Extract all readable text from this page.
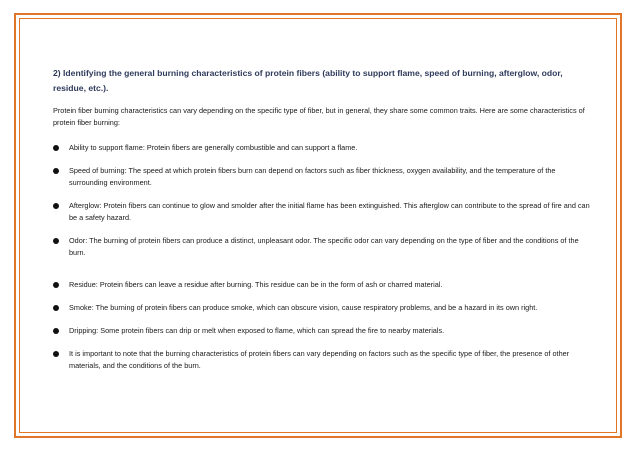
2) Identifying the general burning characteristics of protein fibers (ability to support flame, speed of burning, afterglow, odor, residue, etc.).

Protein fiber burning characteristics can vary depending on the specific type of fiber, but in general, they share some common traits. Here are some characteristics of protein fiber burning:

Ability to support flame: Protein fibers are generally combustible and can support a flame.
Speed of burning: The speed at which protein fibers burn can depend on factors such as fiber thickness, oxygen availability, and the temperature of the surrounding environment.
Afterglow: Protein fibers can continue to glow and smolder after the initial flame has been extinguished. This afterglow can contribute to the spread of fire and can be a safety hazard.
Odor: The burning of protein fibers can produce a distinct, unpleasant odor. The specific odor can vary depending on the type of fiber and the conditions of the burn.
Residue: Protein fibers can leave a residue after burning. This residue can be in the form of ash or charred material.
Smoke: The burning of protein fibers can produce smoke, which can obscure vision, cause respiratory problems, and be a hazard in its own right.
Dripping: Some protein fibers can drip or melt when exposed to flame, which can spread the fire to nearby materials.
It is important to note that the burning characteristics of protein fibers can vary depending on factors such as the specific type of fiber, the presence of other materials, and the conditions of the burn.
